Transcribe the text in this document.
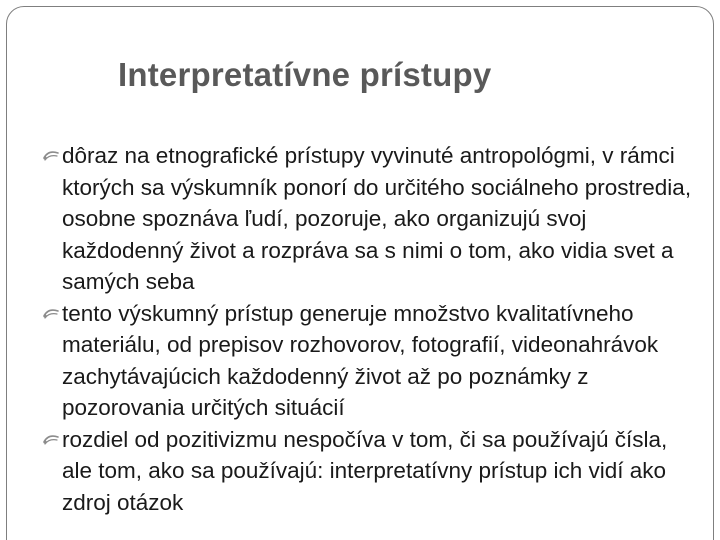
Interpretatívne prístupy
dôraz na etnografické prístupy vyvinuté antropológmi, v rámci ktorých sa výskumník ponorí do určitého sociálneho prostredia, osobne spoznáva ľudí, pozoruje, ako organizujú svoj každodenný život a rozpráva sa s nimi o tom, ako vidia svet a samých seba
tento výskumný prístup generuje množstvo kvalitatívneho materiálu, od prepisov rozhovorov, fotografií, videonahrávok zachytávajúcich každodenný život až po poznámky z pozorovania určitých situácií
rozdiel od pozitivizmu nespočíva v tom, či sa používajú čísla, ale tom, ako sa používajú: interpretatívny prístup ich vidí ako zdroj otázok
